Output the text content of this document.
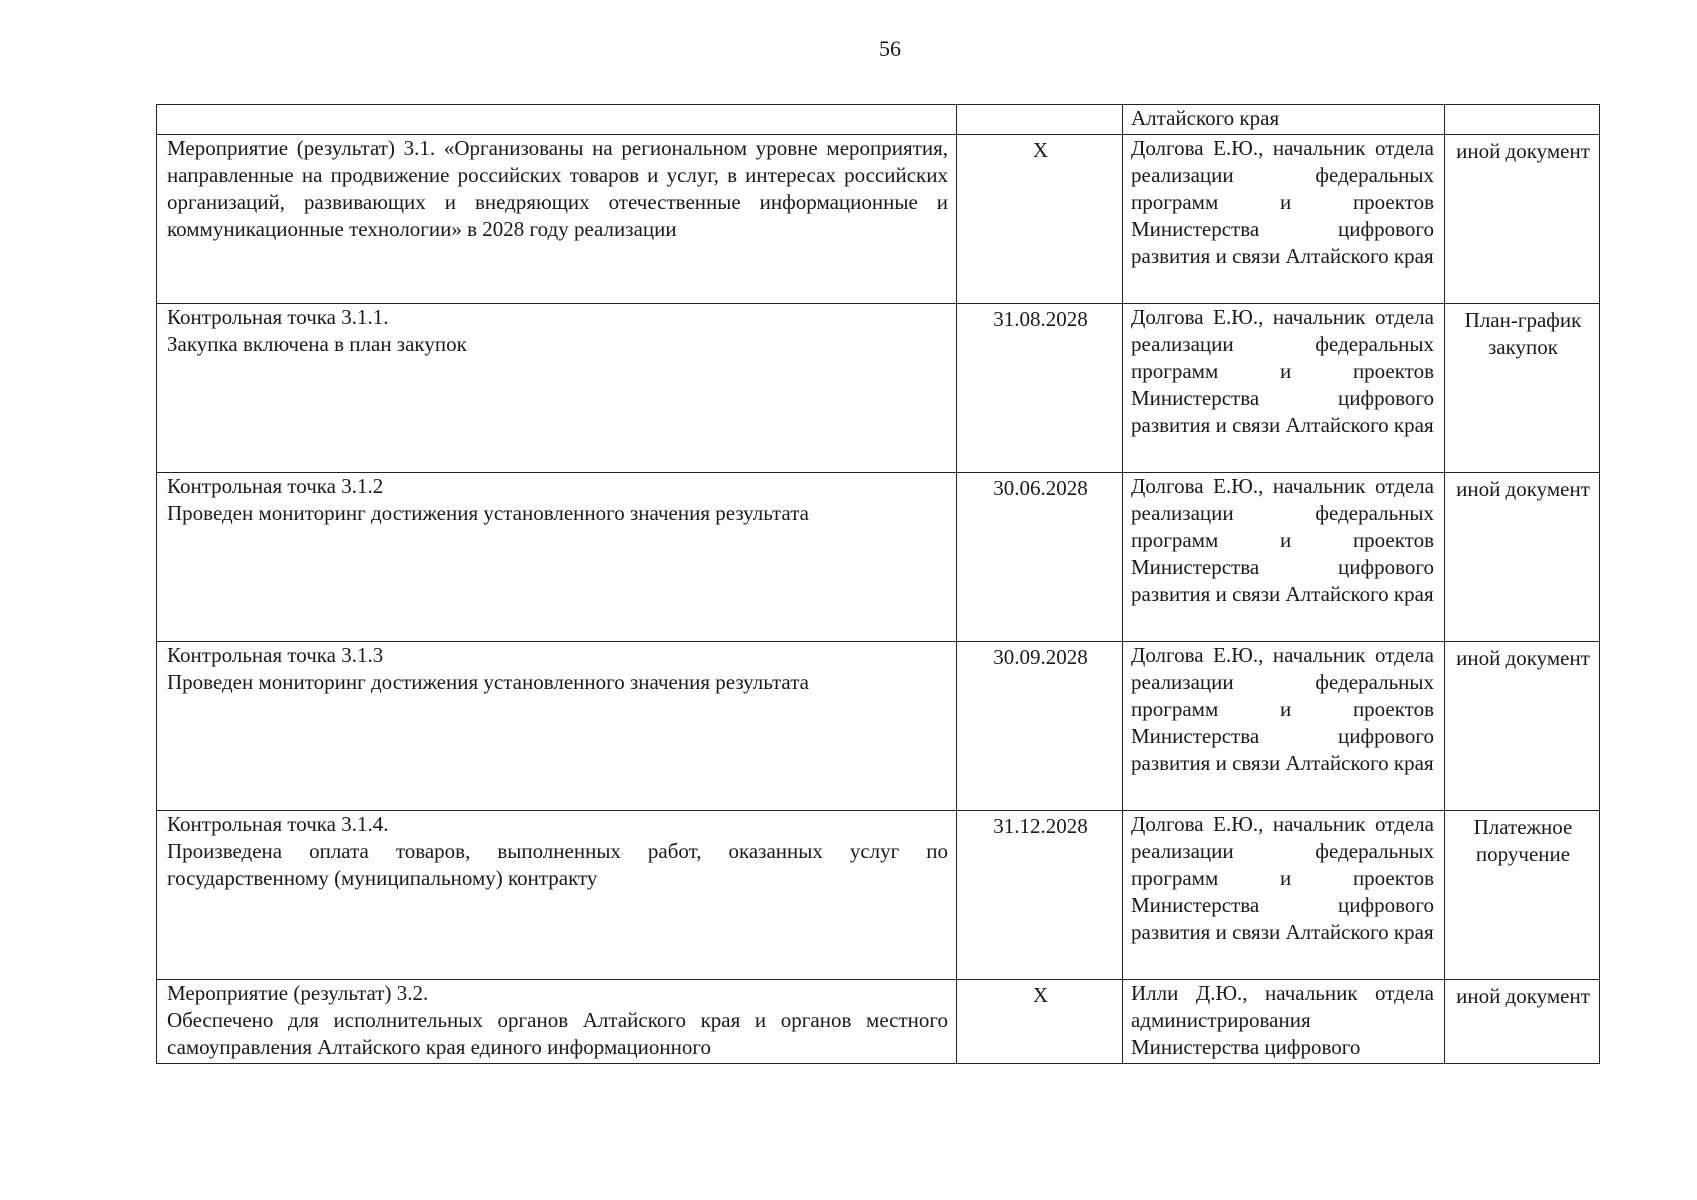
56
		Алтайского края	

Мероприятие (результат) 3.1. «Организованы на региональном уровне мероприятия, направленные на продвижение российских товаров и услуг, в интересах российских организаций, развивающих и внедряющих отечественные информационные и коммуникационные технологии» в 2028 году реализации	X	Долгова Е.Ю., начальник отдела реализации федеральных программ и проектов Министерства цифрового развития и связи Алтайского края	иной документ

Контрольная точка 3.1.1.
Закупка включена в план закупок	31.08.2028	Долгова Е.Ю., начальник отдела реализации федеральных программ и проектов Министерства цифрового развития и связи Алтайского края	План-график закупок

Контрольная точка 3.1.2
Проведен мониторинг достижения установленного значения результата	30.06.2028	Долгова Е.Ю., начальник отдела реализации федеральных программ и проектов Министерства цифрового развития и связи Алтайского края	иной документ

Контрольная точка 3.1.3
Проведен мониторинг достижения установленного значения результата	30.09.2028	Долгова Е.Ю., начальник отдела реализации федеральных программ и проектов Министерства цифрового развития и связи Алтайского края	иной документ

Контрольная точка 3.1.4.
Произведена оплата товаров, выполненных работ, оказанных услуг по государственному (муниципальному) контракту	31.12.2028	Долгова Е.Ю., начальник отдела реализации федеральных программ и проектов Министерства цифрового развития и связи Алтайского края	Платежное поручение

Мероприятие (результат) 3.2.
Обеспечено для исполнительных органов Алтайского края и органов местного самоуправления Алтайского края единого информационного	X	Илли Д.Ю., начальник отдела администрирования Министерства цифрового	иной документ
